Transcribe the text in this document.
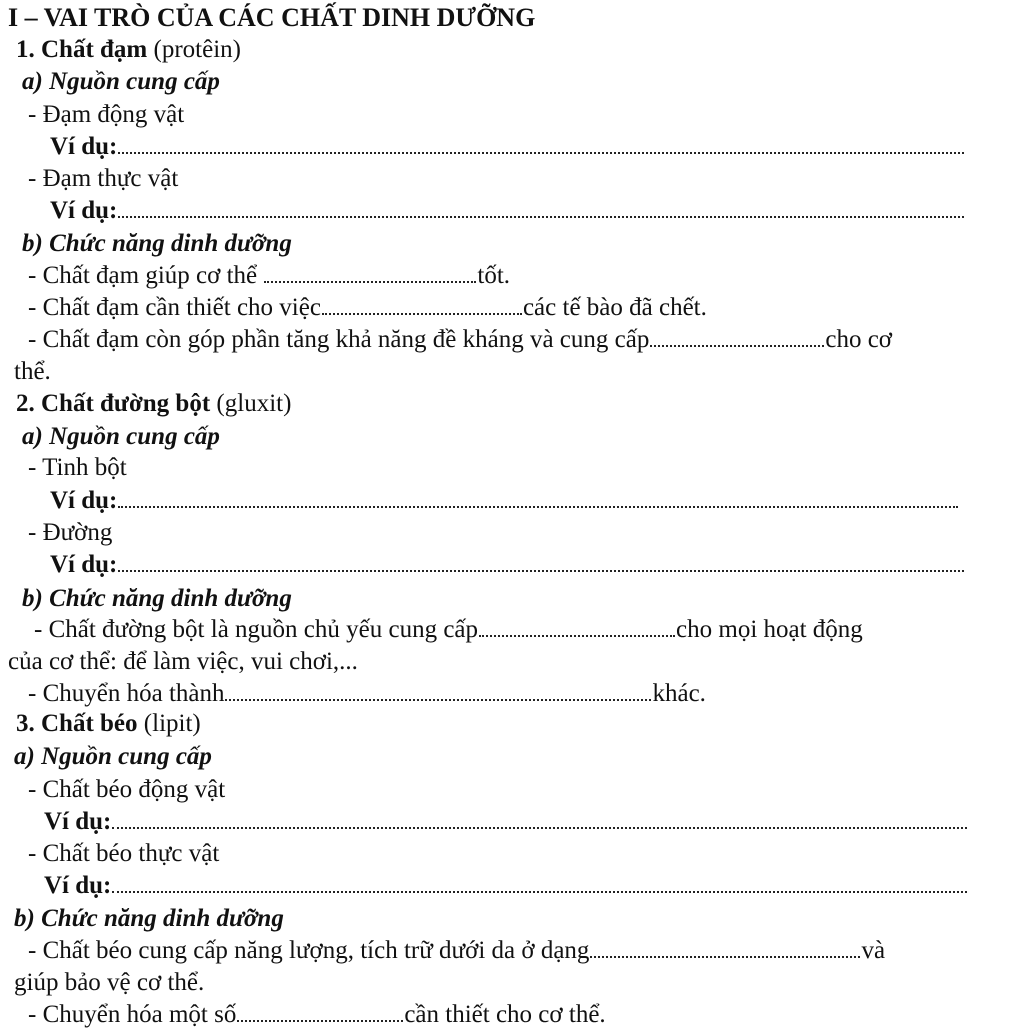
I – VAI TRÒ CỦA CÁC CHẤT DINH DƯỠNG
1. Chất đạm (protêin)
a) Nguồn cung cấp
- Đạm động vật
Ví dụ:
- Đạm thực vật
Ví dụ:
b) Chức năng dinh dưỡng
- Chất đạm giúp cơ thể	tốt.
- Chất đạm cần thiết cho việc	các tế bào đã chết.
- Chất đạm còn góp phần tăng khả năng đề kháng và cung cấp	cho cơ
thể.
2. Chất đường bột (gluxit)
a) Nguồn cung cấp
- Tinh bột
Ví dụ:
- Đường
Ví dụ:
b) Chức năng dinh dưỡng
- Chất đường bột là nguồn chủ yếu cung cấp	cho mọi hoạt động
của cơ thể: để làm việc, vui chơi,...
- Chuyển hóa thành	khác.
3. Chất béo (lipit)
a) Nguồn cung cấp
- Chất béo động vật
Ví dụ:
- Chất béo thực vật
Ví dụ:
b) Chức năng dinh dưỡng
- Chất béo cung cấp năng lượng, tích trữ dưới da ở dạng	và
giúp bảo vệ cơ thể.
- Chuyển hóa một số	cần thiết cho cơ thể.
